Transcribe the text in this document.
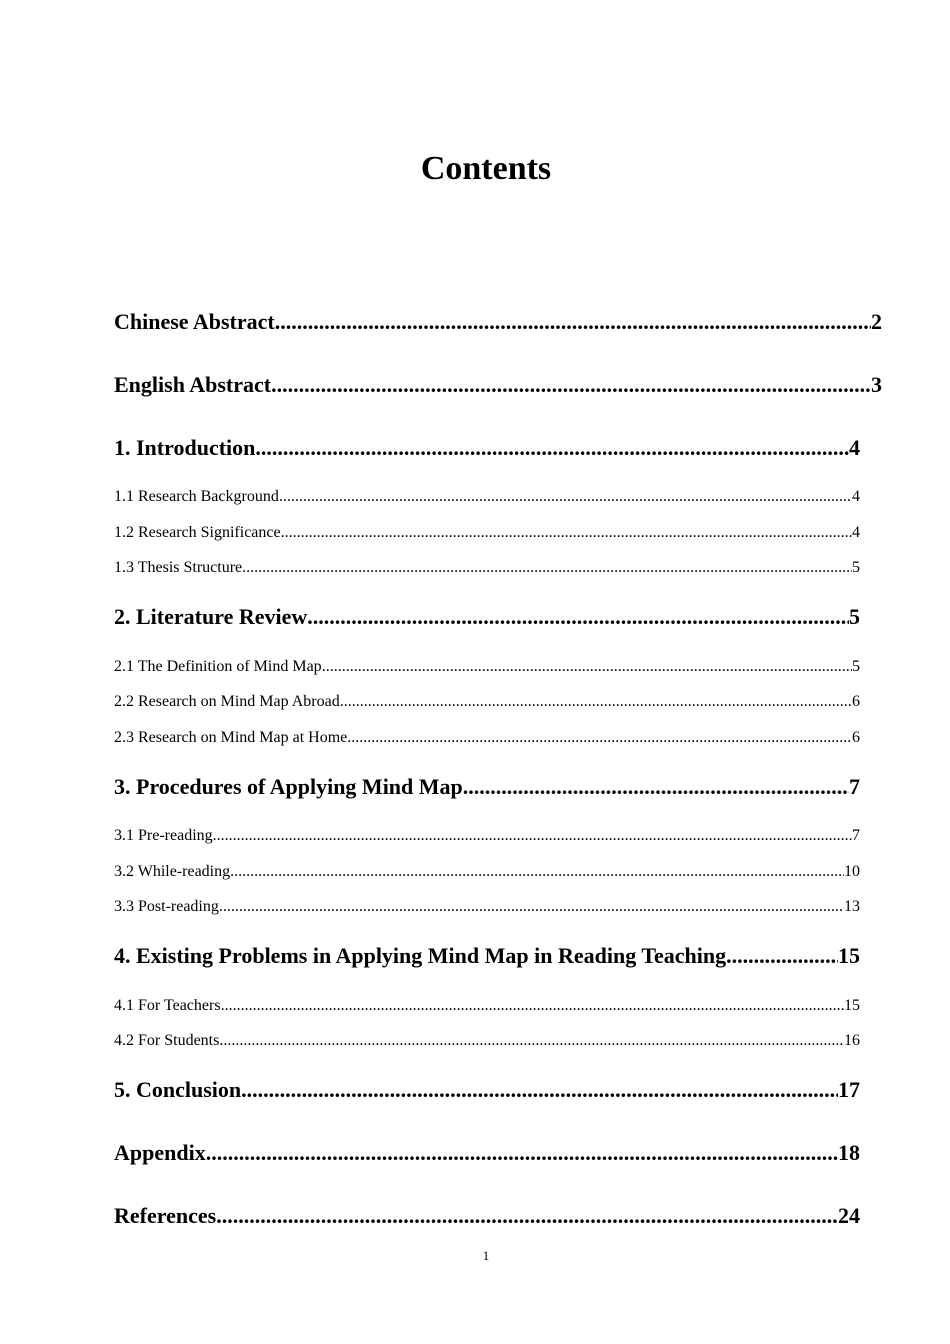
Contents
Chinese Abstract .....	2
English Abstract .....	3
1. Introduction .....	4
1.1 Research Background .....	4
1.2 Research Significance .....	4
1.3 Thesis Structure .....	5
2. Literature Review .....	5
2.1 The Definition of Mind Map .....	5
2.2 Research on Mind Map Abroad .....	6
2.3 Research on Mind Map at Home .....	6
3. Procedures of Applying Mind Map .....	7
3.1 Pre-reading .....	7
3.2 While-reading .....	10
3.3 Post-reading .....	13
4. Existing Problems in Applying Mind Map in Reading Teaching .....	15
4.1 For Teachers .....	15
4.2 For Students .....	16
5. Conclusion .....	17
Appendix .....	18
References .....	24

1
